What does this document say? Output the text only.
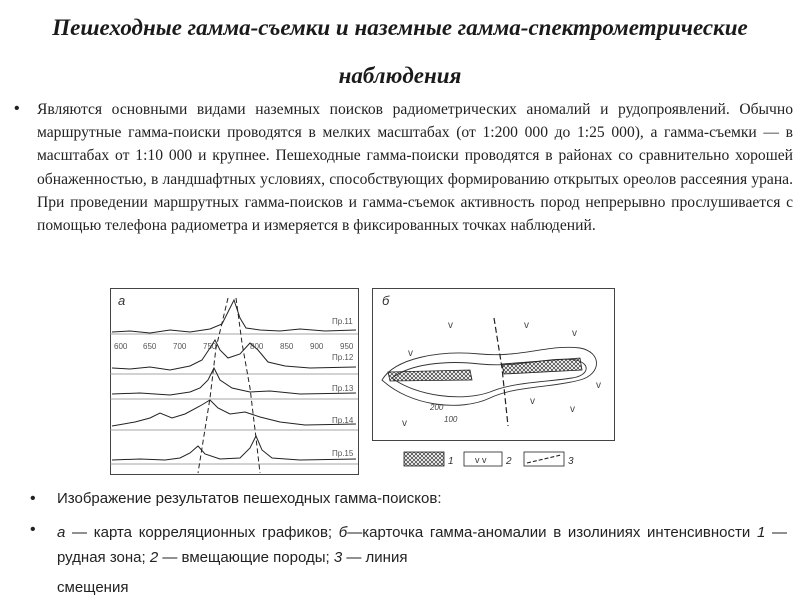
Пешеходные гамма-съемки и наземные гамма-спектрометрические наблюдения
• Являются основными видами наземных поисков радиометрических аномалий и рудопроявлений. Обычно маршрутные гамма-поиски проводятся в мелких масштабах (от 1:200 000 до 1:25 000), а гамма-съемки — в масштабах от 1:10 000 и крупнее. Пешеходные гамма-поиски проводятся в районах со сравнительно хорошей обнаженностью, в ландшафтных условиях, способствующих формированию открытых ореолов рассеяния урана. При проведении маршрутных гамма-поисков и гамма-съемок активность пород непрерывно прослушивается с помощью телефона радиометра и измеряется в фиксированных точках наблюдений.

а
600 650 700 750	800 850 900 950
Пр.11
Пр.12
Пр.13
Пр.14
Пр.15
б
200
100
v
v	v
v
v
v
v
v
1 v v 2	3
• Изображение результатов пешеходных гамма-поисков:

• а — карта корреляционных графиков; б—карточка гамма-аномалии в изолиниях интенсивности 1 — рудная зона; 2 — вмещающие породы; 3 — линия

смещения
